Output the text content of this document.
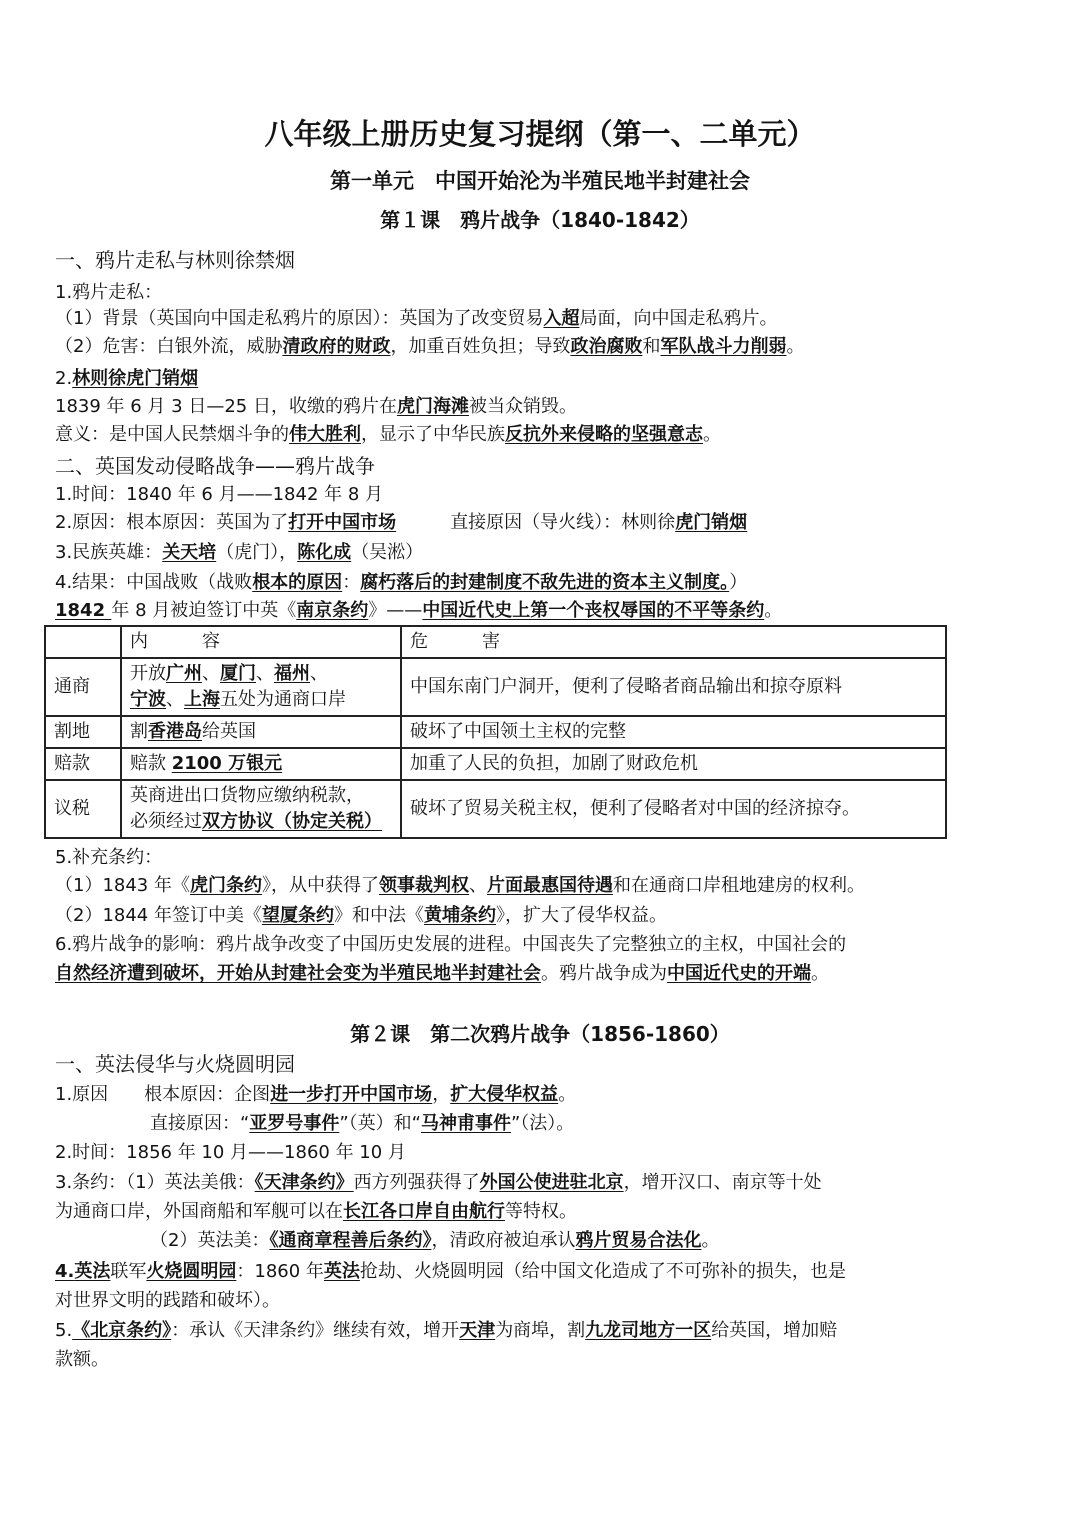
八年级上册历史复习提纲（第一、二单元）
第一单元　中国开始沦为半殖民地半封建社会
第１课　鸦片战争（1840-1842）
一、鸦片走私与林则徐禁烟
1.鸦片走私：
（1）背景（英国向中国走私鸦片的原因）：英国为了改变贸易入超局面，向中国走私鸦片。
（2）危害：白银外流，威胁清政府的财政，加重百姓负担；导致政治腐败和军队战斗力削弱。
2.林则徐虎门销烟
1839 年 6 月 3 日—25 日，收缴的鸦片在虎门海滩被当众销毁。
意义：是中国人民禁烟斗争的伟大胜利，显示了中华民族反抗外来侵略的坚强意志。
二、英国发动侵略战争——鸦片战争
1.时间：1840 年 6 月——1842 年 8 月
2.原因：根本原因：英国为了打开中国市场	直接原因（导火线）：林则徐虎门销烟
3.民族英雄：关天培（虎门），陈化成（吴淞）
4.结果：中国战败（战败根本的原因：腐朽落后的封建制度不敌先进的资本主义制度。）
1842 年 8 月被迫签订中英《南京条约》——中国近代史上第一个丧权辱国的不平等条约。
	内　　　容	危　　　害
通商	开放广州、厦门、福州、
宁波、上海五处为通商口岸	中国东南门户洞开，便利了侵略者商品输出和掠夺原料
割地	割香港岛给英国	破坏了中国领土主权的完整
赔款	赔款 2100 万银元	加重了人民的负担，加剧了财政危机
议税	英商进出口货物应缴纳税款，
必须经过双方协议（协定关税）	破坏了贸易关税主权，便利了侵略者对中国的经济掠夺。
5.补充条约：
（1）1843 年《虎门条约》，从中获得了领事裁判权、片面最惠国待遇和在通商口岸租地建房的权利。
（2）1844 年签订中美《望厦条约》和中法《黄埔条约》，扩大了侵华权益。
6.鸦片战争的影响：鸦片战争改变了中国历史发展的进程。中国丧失了完整独立的主权，中国社会的
自然经济遭到破坏，开始从封建社会变为半殖民地半封建社会。鸦片战争成为中国近代史的开端。
第２课　第二次鸦片战争（1856-1860）
一、英法侵华与火烧圆明园
1.原因　　根本原因：企图进一步打开中国市场，扩大侵华权益。
直接原因：“亚罗号事件”（英）和“马神甫事件”（法）。
2.时间：1856 年 10 月——1860 年 10 月
3.条约：（1）英法美俄：《天津条约》西方列强获得了外国公使进驻北京，增开汉口、南京等十处
为通商口岸，外国商船和军舰可以在长江各口岸自由航行等特权。
（2）英法美：《通商章程善后条约》，清政府被迫承认鸦片贸易合法化。
4.英法联军火烧圆明园：1860 年英法抢劫、火烧圆明园（给中国文化造成了不可弥补的损失，也是
对世界文明的践踏和破坏）。
5.《北京条约》：承认《天津条约》继续有效，增开天津为商埠，割九龙司地方一区给英国，增加赔
款额。
